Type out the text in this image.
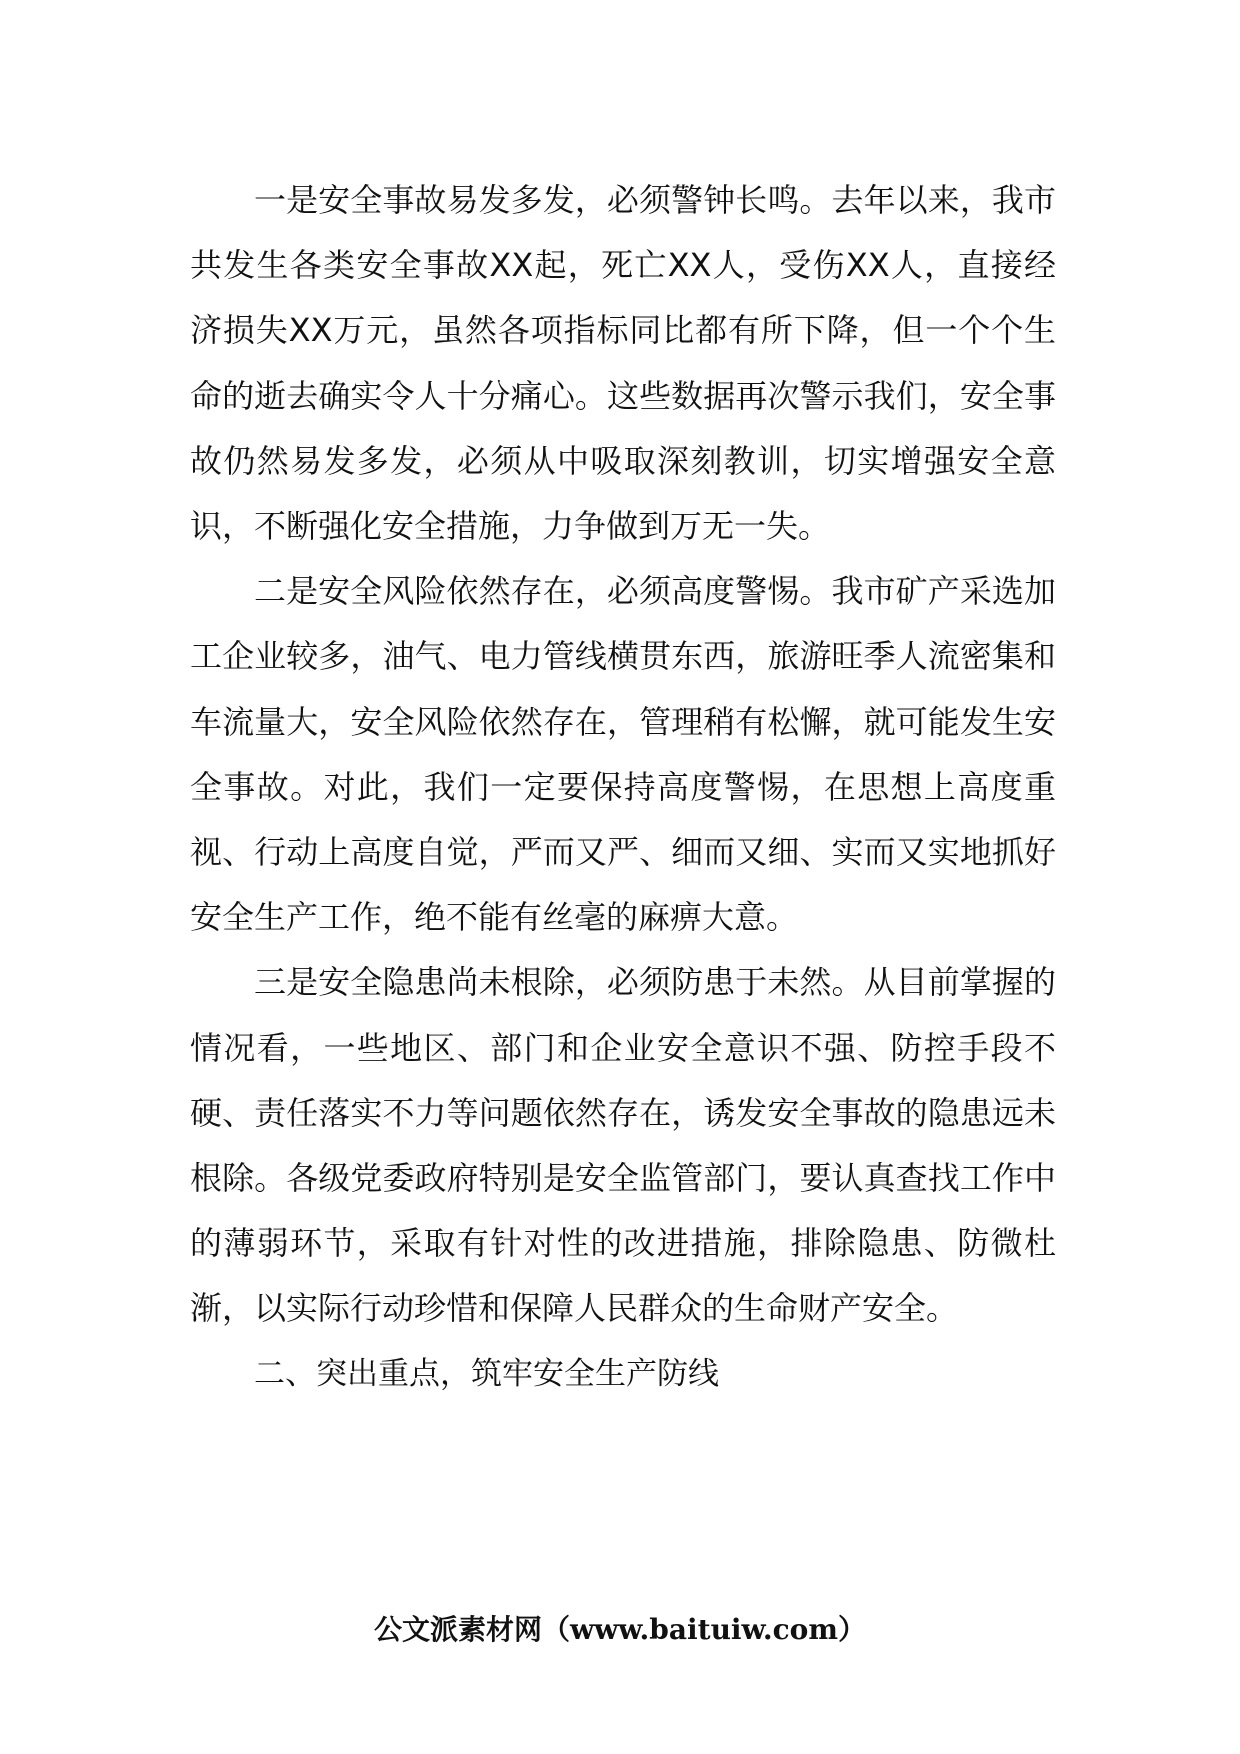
一是安全事故易发多发，必须警钟长鸣。去年以来，我市共发生各类安全事故XX起，死亡XX人，受伤XX人，直接经济损失XX万元，虽然各项指标同比都有所下降，但一个个生命的逝去确实令人十分痛心。这些数据再次警示我们，安全事故仍然易发多发，必须从中吸取深刻教训，切实增强安全意识，不断强化安全措施，力争做到万无一失。

二是安全风险依然存在，必须高度警惕。我市矿产采选加工企业较多，油气、电力管线横贯东西，旅游旺季人流密集和车流量大，安全风险依然存在，管理稍有松懈，就可能发生安全事故。对此，我们一定要保持高度警惕，在思想上高度重视、行动上高度自觉，严而又严、细而又细、实而又实地抓好安全生产工作，绝不能有丝毫的麻痹大意。

三是安全隐患尚未根除，必须防患于未然。从目前掌握的情况看，一些地区、部门和企业安全意识不强、防控手段不硬、责任落实不力等问题依然存在，诱发安全事故的隐患远未根除。各级党委政府特别是安全监管部门，要认真查找工作中的薄弱环节，采取有针对性的改进措施，排除隐患、防微杜渐，以实际行动珍惜和保障人民群众的生命财产安全。

二、突出重点，筑牢安全生产防线

公文派素材网（www.baituiw.com）
